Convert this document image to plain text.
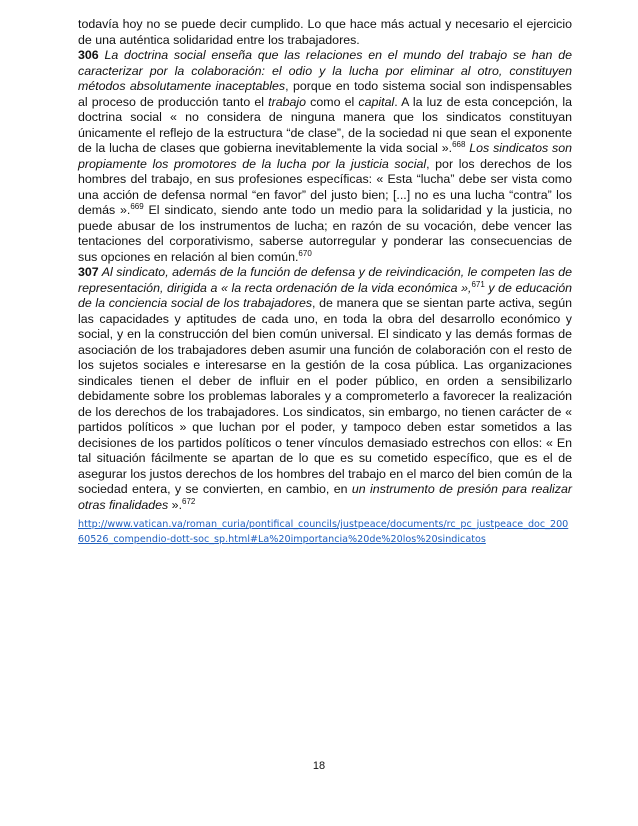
todavía hoy no se puede decir cumplido. Lo que hace más actual y necesario el ejercicio de una auténtica solidaridad entre los trabajadores.

306 La doctrina social enseña que las relaciones en el mundo del trabajo se han de caracterizar por la colaboración: el odio y la lucha por eliminar al otro, constituyen métodos absolutamente inaceptables, porque en todo sistema social son indispensables al proceso de producción tanto el trabajo como el capital. A la luz de esta concepción, la doctrina social « no considera de ninguna manera que los sindicatos constituyan únicamente el reflejo de la estructura “de clase”, de la sociedad ni que sean el exponente de la lucha de clases que gobierna inevitablemente la vida social ».$^{668}$ Los sindicatos son propiamente los promotores de la lucha por la justicia social, por los derechos de los hombres del trabajo, en sus profesiones específicas: « Esta “lucha” debe ser vista como una acción de defensa normal “en favor” del justo bien; [...] no es una lucha “contra” los demás ».$^{669}$ El sindicato, siendo ante todo un medio para la solidaridad y la justicia, no puede abusar de los instrumentos de lucha; en razón de su vocación, debe vencer las tentaciones del corporativismo, saberse autorregular y ponderar las consecuencias de sus opciones en relación al bien común.$^{670}$

307 Al sindicato, además de la función de defensa y de reivindicación, le competen las de representación, dirigida a « la recta ordenación de la vida económica »,$^{671}$ y de educación de la conciencia social de los trabajadores, de manera que se sientan parte activa, según las capacidades y aptitudes de cada uno, en toda la obra del desarrollo económico y social, y en la construcción del bien común universal. El sindicato y las demás formas de asociación de los trabajadores deben asumir una función de colaboración con el resto de los sujetos sociales e interesarse en la gestión de la cosa pública. Las organizaciones sindicales tienen el deber de influir en el poder público, en orden a sensibilizarlo debidamente sobre los problemas laborales y a comprometerlo a favorecer la realización de los derechos de los trabajadores. Los sindicatos, sin embargo, no tienen carácter de « partidos políticos » que luchan por el poder, y tampoco deben estar sometidos a las decisiones de los partidos políticos o tener vínculos demasiado estrechos con ellos: « En tal situación fácilmente se apartan de lo que es su cometido específico, que es el de asegurar los justos derechos de los hombres del trabajo en el marco del bien común de la sociedad entera, y se convierten, en cambio, en un instrumento de presión para realizar otras finalidades ».$^{672}$

http://www.vatican.va/roman_curia/pontifical_councils/justpeace/documents/rc_pc_justpeace_doc_20060526_compendio-dott-soc_sp.html#La%20importancia%20de%20los%20sindicatos
18
